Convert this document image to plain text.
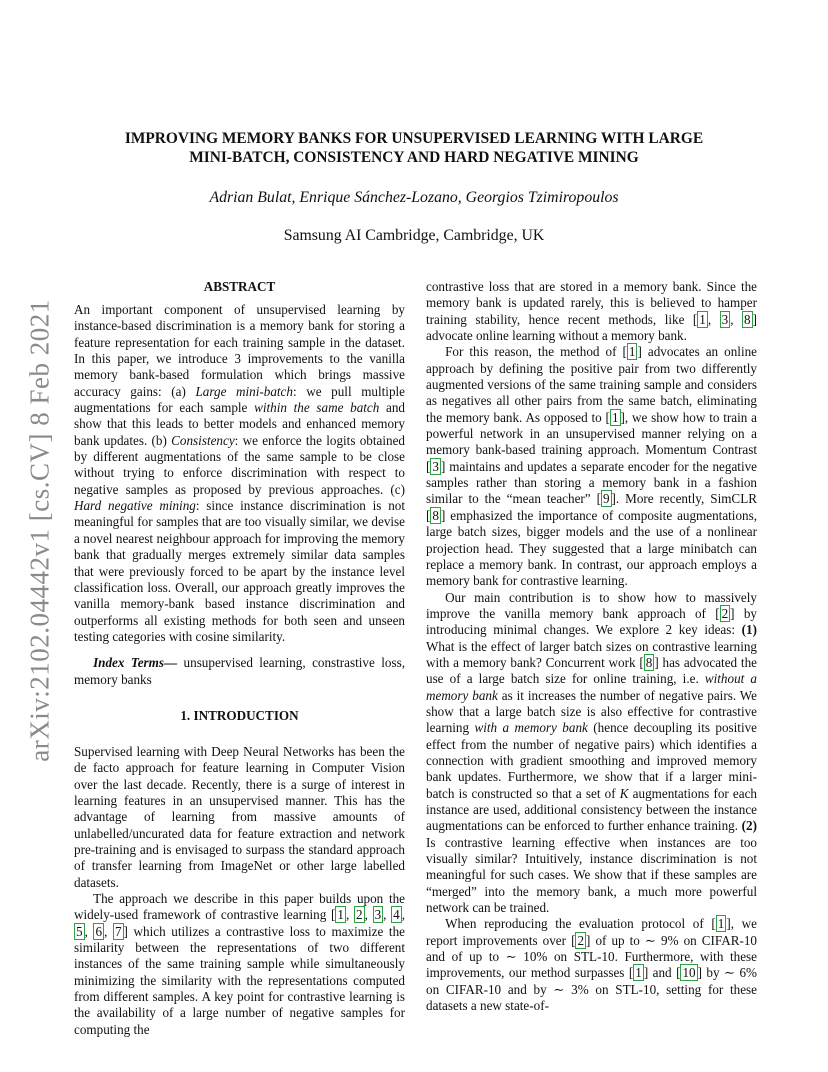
arXiv:2102.04442v1 [cs.CV] 8 Feb 2021
IMPROVING MEMORY BANKS FOR UNSUPERVISED LEARNING WITH LARGE
MINI-BATCH, CONSISTENCY AND HARD NEGATIVE MINING
Adrian Bulat, Enrique Sánchez-Lozano, Georgios Tzimiropoulos
Samsung AI Cambridge, Cambridge, UK
ABSTRACT

An important component of unsupervised learning by instance-based discrimination is a memory bank for storing a feature representation for each training sample in the dataset. In this paper, we introduce 3 improvements to the vanilla memory bank-based formulation which brings massive accuracy gains: (a) Large mini-batch: we pull multiple augmentations for each sample within the same batch and show that this leads to better models and enhanced memory bank updates. (b) Consistency: we enforce the logits obtained by different augmentations of the same sample to be close without trying to enforce discrimination with respect to negative samples as proposed by previous approaches. (c) Hard negative mining: since instance discrimination is not meaningful for samples that are too visually similar, we devise a novel nearest neighbour approach for improving the memory bank that gradually merges extremely similar data samples that were previously forced to be apart by the instance level classification loss. Overall, our approach greatly improves the vanilla memory-bank based instance discrimination and outperforms all existing methods for both seen and unseen testing categories with cosine similarity.

Index Terms— unsupervised learning, constrastive loss, memory banks

1. INTRODUCTION

Supervised learning with Deep Neural Networks has been the de facto approach for feature learning in Computer Vision over the last decade. Recently, there is a surge of interest in learning features in an unsupervised manner. This has the advantage of learning from massive amounts of unlabelled/uncurated data for feature extraction and network pre-training and is envisaged to surpass the standard approach of transfer learning from ImageNet or other large labelled datasets.

The approach we describe in this paper builds upon the widely-used framework of contrastive learning [ 1 , 2 , 3 , 4 , 5 , 6 , 7 ] which utilizes a contrastive loss to maximize the similarity between the representations of two different instances of the same training sample while simultaneously minimizing the similarity with the representations computed from different samples. A key point for contrastive learning is the availability of a large number of negative samples for computing the

contrastive loss that are stored in a memory bank. Since the memory bank is updated rarely, this is believed to hamper training stability, hence recent methods, like [ 1 , 3 , 8 ] advocate online learning without a memory bank.

For this reason, the method of [ 1 ] advocates an online approach by defining the positive pair from two differently augmented versions of the same training sample and considers as negatives all other pairs from the same batch, eliminating the memory bank. As opposed to [ 1 ], we show how to train a powerful network in an unsupervised manner relying on a memory bank-based training approach. Momentum Contrast [ 3 ] maintains and updates a separate encoder for the negative samples rather than storing a memory bank in a fashion similar to the “mean teacher” [ 9 ]. More recently, SimCLR [ 8 ] emphasized the importance of composite augmentations, large batch sizes, bigger models and the use of a nonlinear projection head. They suggested that a large minibatch can replace a memory bank. In contrast, our approach employs a memory bank for contrastive learning.

Our main contribution is to show how to massively improve the vanilla memory bank approach of [ 2 ] by introducing minimal changes. We explore 2 key ideas: (1) What is the effect of larger batch sizes on contrastive learning with a memory bank? Concurrent work [ 8 ] has advocated the use of a large batch size for online training, i.e. without a memory bank as it increases the number of negative pairs. We show that a large batch size is also effective for contrastive learning with a memory bank (hence decoupling its positive effect from the number of negative pairs) which identifies a connection with gradient smoothing and improved memory bank updates. Furthermore, we show that if a larger mini-batch is constructed so that a set of K augmentations for each instance are used, additional consistency between the instance augmentations can be enforced to further enhance training. (2) Is contrastive learning effective when instances are too visually similar? Intuitively, instance discrimination is not meaningful for such cases. We show that if these samples are “merged” into the memory bank, a much more powerful network can be trained.

When reproducing the evaluation protocol of [ 1 ], we report improvements over [ 2 ] of up to ∼ 9% on CIFAR-10 and of up to ∼ 10% on STL-10. Furthermore, with these improvements, our method surpasses [ 1 ] and [ 10 ] by ∼ 6% on CIFAR-10 and by ∼ 3% on STL-10, setting for these datasets a new state-of-
